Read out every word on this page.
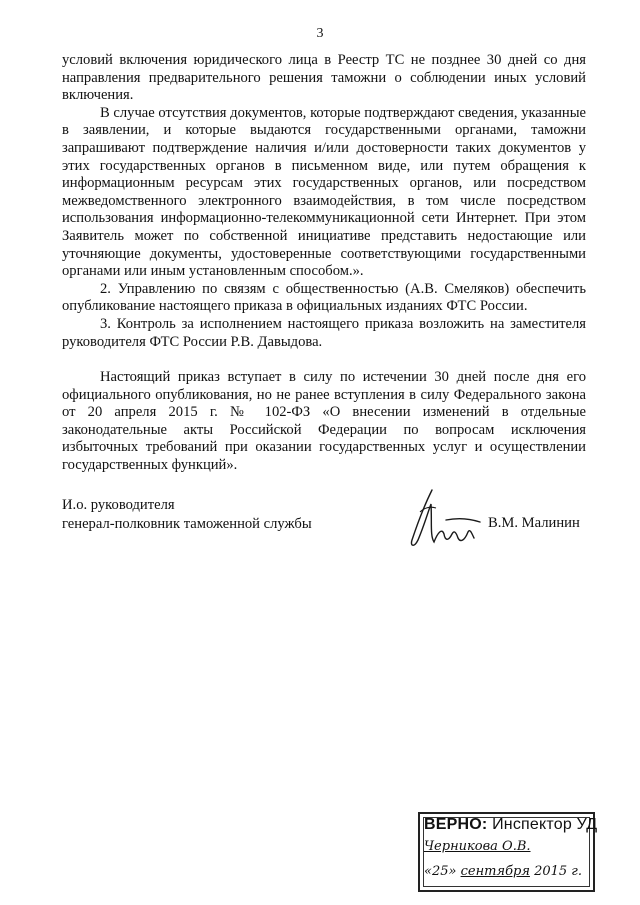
3

условий включения юридического лица в Реестр ТС не позднее 30 дней со дня направления предварительного решения таможни о соблюдении иных условий включения.

В случае отсутствия документов, которые подтверждают сведения, указанные в заявлении, и которые выдаются государственными органами, таможни запрашивают подтверждение наличия и/или достоверности таких документов у этих государственных органов в письменном виде, или путем обращения к информационным ресурсам этих государственных органов, или посредством межведомственного электронного взаимодействия, в том числе посредством использования информационно-телекоммуникационной сети Интернет. При этом Заявитель может по собственной инициативе представить недостающие или уточняющие документы, удостоверенные соответствующими государственными органами или иным установленным способом.».

2. Управлению по связям с общественностью (А.В. Смеляков) обеспечить опубликование настоящего приказа в официальных изданиях ФТС России.

3. Контроль за исполнением настоящего приказа возложить на заместителя руководителя ФТС России Р.В. Давыдова.

Настоящий приказ вступает в силу по истечении 30 дней после дня его официального опубликования, но не ранее вступления в силу Федерального закона от 20 апреля 2015 г. № 102-ФЗ «О внесении изменений в отдельные законодательные акты Российской Федерации по вопросам исключения избыточных требований при оказании государственных услуг и осуществлении государственных функций».

И.о. руководителя
генерал-полковник таможенной службы	В.М. Малинин
ВЕРНО: Инспектор УД
Черникова О.В.
«25» сентября 2015 г.
